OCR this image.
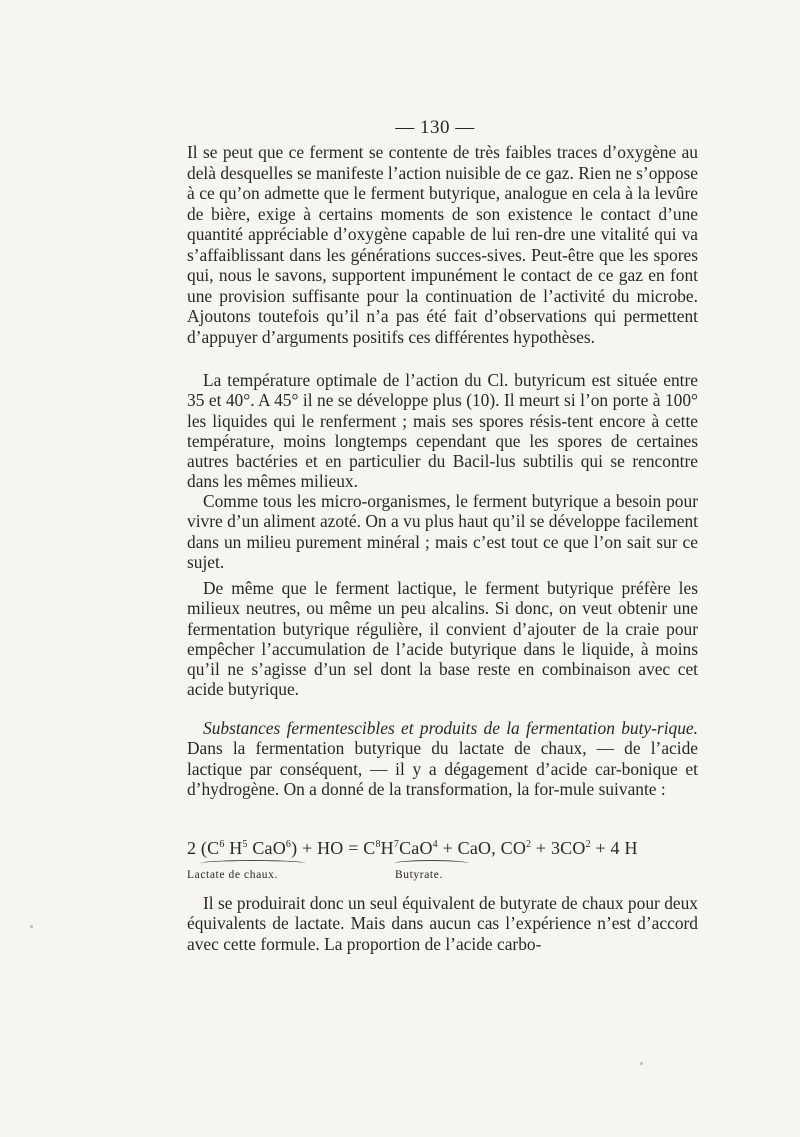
— 130 —

Il se peut que ce ferment se contente de très faibles traces d’oxygène au delà desquelles se manifeste l’action nuisible de ce gaz. Rien ne s’oppose à ce qu’on admette que le ferment butyrique, analogue en cela à la levûre de bière, exige à certains moments de son existence le contact d’une quantité appréciable d’oxygène capable de lui ren-dre une vitalité qui va s’affaiblissant dans les générations succes-sives. Peut-être que les spores qui, nous le savons, supportent impunément le contact de ce gaz en font une provision suffisante pour la continuation de l’activité du microbe. Ajoutons toutefois qu’il n’a pas été fait d’observations qui permettent d’appuyer d’arguments positifs ces différentes hypothèses.

La température optimale de l’action du Cl. butyricum est située entre 35 et 40°. A 45° il ne se développe plus (10). Il meurt si l’on porte à 100° les liquides qui le renferment ; mais ses spores résis-tent encore à cette température, moins longtemps cependant que les spores de certaines autres bactéries et en particulier du Bacil-lus subtilis qui se rencontre dans les mêmes milieux.

Comme tous les micro-organismes, le ferment butyrique a besoin pour vivre d’un aliment azoté. On a vu plus haut qu’il se développe facilement dans un milieu purement minéral ; mais c’est tout ce que l’on sait sur ce sujet.

De même que le ferment lactique, le ferment butyrique préfère les milieux neutres, ou même un peu alcalins. Si donc, on veut obtenir une fermentation butyrique régulière, il convient d’ajouter de la craie pour empêcher l’accumulation de l’acide butyrique dans le liquide, à moins qu’il ne s’agisse d’un sel dont la base reste en combinaison avec cet acide butyrique.

Substances fermentescibles et produits de la fermentation buty-rique. Dans la fermentation butyrique du lactate de chaux, — de l’acide lactique par conséquent, — il y a dégagement d’acide car-bonique et d’hydrogène. On a donné de la transformation, la for-mule suivante :

2 ($C^6$ $H^5$ CaO$^6$) + HO = $C^8H^7CaO^4$ + CaO, $CO^2 + 3CO^2 + 4$ H
Lactate de chaux.	Butyrate.

Il se produirait donc un seul équivalent de butyrate de chaux pour deux équivalents de lactate. Mais dans aucun cas l’expérience n’est d’accord avec cette formule. La proportion de l’acide carbo-
